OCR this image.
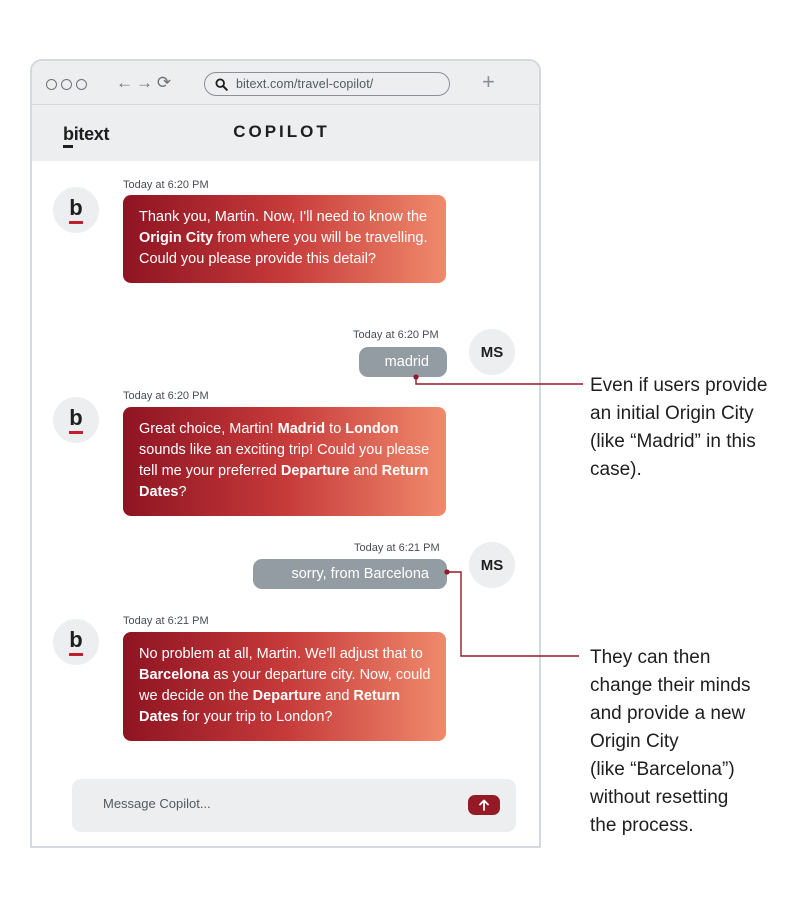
← → ⟳	bitext.com/travel-copilot/	+
bitext	COPILOT
b
Today at 6:20 PM
Thank you, Martin. Now, I'll need to know the Origin City from where you will be travelling. Could you please provide this detail?
Today at 6:20 PM
madrid
MS
b
Today at 6:20 PM
Great choice, Martin! Madrid to London sounds like an exciting trip! Could you please tell me your preferred Departure and Return Dates?
Today at 6:21 PM
sorry, from Barcelona
MS
b
Today at 6:21 PM
No problem at all, Martin. We'll adjust that to Barcelona as your departure city. Now, could we decide on the Departure and Return Dates for your trip to London?
Message Copilot...
Even if users provide
an initial Origin City
(like “Madrid” in this
case).
They can then
change their minds
and provide a new
Origin City
(like “Barcelona”)
without resetting
the process.
